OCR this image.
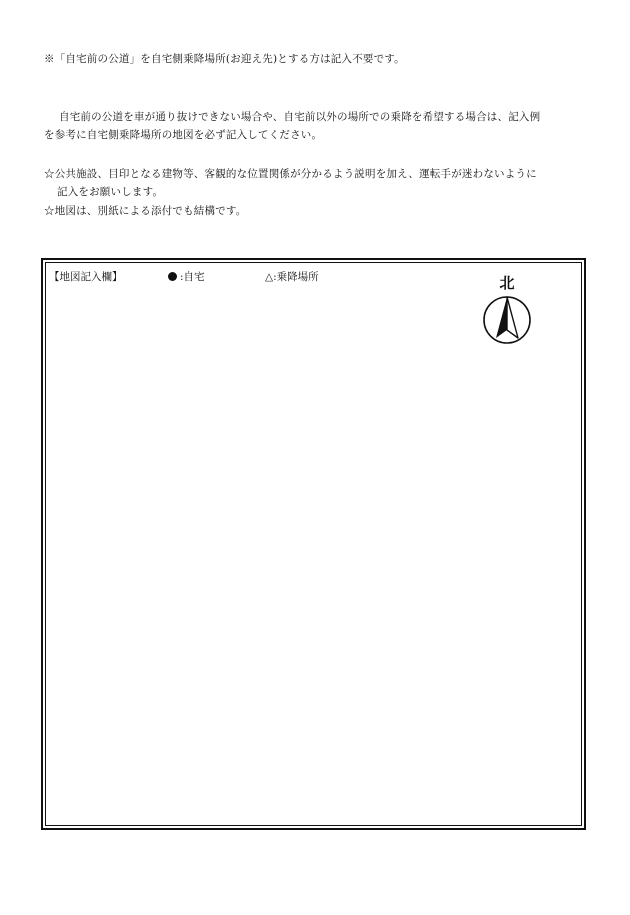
※「自宅前の公道」を自宅側乗降場所(お迎え先)とする方は記入不要です。
自宅前の公道を車が通り抜けできない場合や、自宅前以外の場所での乗降を希望する場合は、記入例
を参考に自宅側乗降場所の地図を必ず記入してください。
☆公共施設、目印となる建物等、客観的な位置関係が分かるよう説明を加え、運転手が迷わないように
記入をお願いします。
☆地図は、別紙による添付でも結構です。
【地図記入欄】	:自宅	△:乗降場所	北
